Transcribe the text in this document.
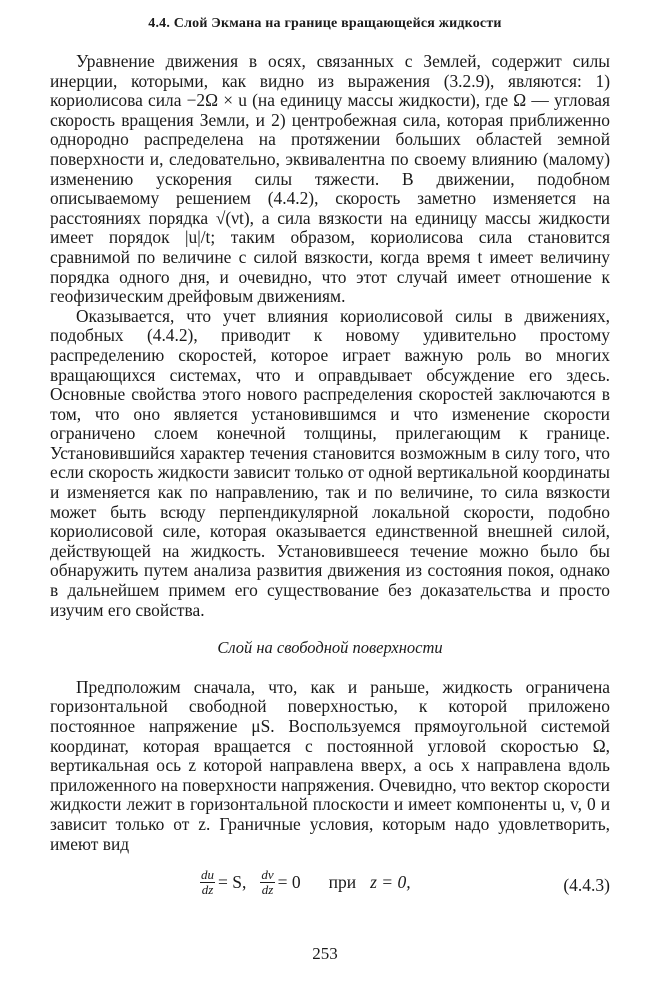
4.4. Слой Экмана на границе вращающейся жидкости

Уравнение движения в осях, связанных с Землей, содержит силы инерции, которыми, как видно из выражения (3.2.9), являются: 1) кориолисова сила −2Ω × u (на единицу массы жидкости), где Ω — угловая скорость вращения Земли, и 2) центробежная сила, которая приближенно однородно распределена на протяжении больших областей земной поверхности и, следовательно, эквивалентна по своему влиянию (малому) изменению ускорения силы тяжести. В движении, подобном описываемому решением (4.4.2), скорость заметно изменяется на расстояниях порядка √(νt), а сила вязкости на единицу массы жидкости имеет порядок |u|/t; таким образом, кориолисова сила становится сравнимой по величине с силой вязкости, когда время t имеет величину порядка одного дня, и очевидно, что этот случай имеет отношение к геофизическим дрейфовым движениям.

Оказывается, что учет влияния кориолисовой силы в движениях, подобных (4.4.2), приводит к новому удивительно простому распределению скоростей, которое играет важную роль во многих вращающихся системах, что и оправдывает обсуждение его здесь. Основные свойства этого нового распределения скоростей заключаются в том, что оно является установившимся и что изменение скорости ограничено слоем конечной толщины, прилегающим к границе. Установившийся характер течения становится возможным в силу того, что если скорость жидкости зависит только от одной вертикальной координаты и изменяется как по направлению, так и по величине, то сила вязкости может быть всюду перпендикулярной локальной скорости, подобно кориолисовой силе, которая оказывается единственной внешней силой, действующей на жидкость. Установившееся течение можно было бы обнаружить путем анализа развития движения из состояния покоя, однако в дальнейшем примем его существование без доказательства и просто изучим его свойства.

Слой на свободной поверхности

Предположим сначала, что, как и раньше, жидкость ограничена горизонтальной свободной поверхностью, к которой приложено постоянное напряжение μS. Воспользуемся прямоугольной системой координат, которая вращается с постоянной угловой скоростью Ω, вертикальная ось z которой направлена вверх, а ось x направлена вдоль приложенного на поверхности напряжения. Очевидно, что вектор скорости жидкости лежит в горизонтальной плоскости и имеет компоненты u, v, 0 и зависит только от z. Граничные условия, которым надо удовлетворить, имеют вид

$\frac{du}{dz} = S$, $\frac{dv}{dz} = 0$ при z = 0,	(4.4.3)
253
